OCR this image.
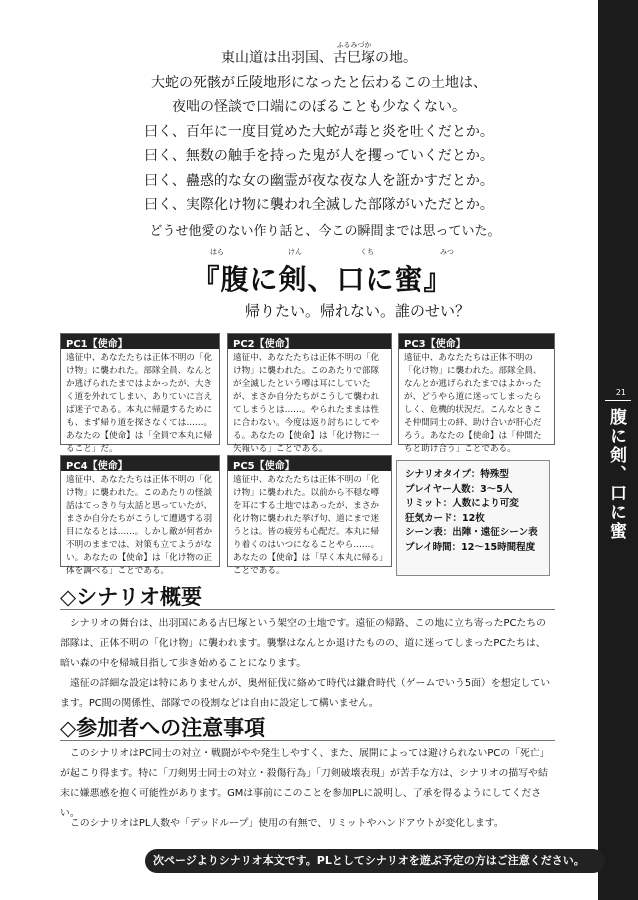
21
腹に剣、口に蜜

東山道は出羽国、
ふるみづか
古巳塚の地。

大蛇の死骸が丘陵地形になったと伝わるこの土地は、

夜咄の怪談で口端にのぼることも少なくない。

曰く、百年に一度目覚めた大蛇が毒と炎を吐くだとか。

曰く、無数の触手を持った鬼が人を攫っていくだとか。

曰く、蠱惑的な女の幽霊が夜な夜な人を誑かすだとか。

曰く、実際化け物に襲われ全滅した部隊がいただとか。

どうせ他愛のない作り話と、今この瞬間までは思っていた。
はら	けん	くち	みつ
『腹に剣、口に蜜』
帰りたい。帰れない。誰のせい？
PC1【使命】
遠征中、あなたたちは正体不明の「化け物」に襲われた。部隊全員、なんとか逃げられたまではよかったが、大きく道を外れてしまい、ありていに言えば迷子である。本丸に帰還するためにも、まず帰り道を探さなくては……。あなたの【使命】は「全員で本丸に帰ること」だ。
PC2【使命】
遠征中、あなたたちは正体不明の「化け物」に襲われた。このあたりで部隊が全滅したという噂は耳にしていたが、まさか自分たちがこうして襲われてしまうとは……。やられたままは性に合わない。今度は返り討ちにしてやる。あなたの【使命】は「化け物に一矢報いる」ことである。
PC3【使命】
遠征中、あなたたちは正体不明の「化け物」に襲われた。部隊全員、なんとか逃げられたまではよかったが、どうやら道に迷ってしまったらしく、危機的状況だ。こんなときこそ仲間同士の絆、助け合いが肝心だろう。あなたの【使命】は「仲間たちと助け合う」ことである。
PC4【使命】
遠征中、あなたたちは正体不明の「化け物」に襲われた。このあたりの怪談話はてっきり与太話と思っていたが、まさか自分たちがこうして遭遇する羽目になるとは……。しかし敵が何者か不明のままでは、対策も立てようがない。あなたの【使命】は「化け物の正体を調べる」ことである。
PC5【使命】
遠征中、あなたたちは正体不明の「化け物」に襲われた。以前から不穏な噂を耳にする土地ではあったが、まさか化け物に襲われた挙げ句、道にまで迷うとは。皆の疲労も心配だ。本丸に帰り着くのはいつになることやら……。あなたの【使命】は「早く本丸に帰る」ことである。
シナリオタイプ：特殊型
プレイヤー人数：3～5人
リミット：人数により可変
狂気カード：12枚
シーン表：出陣・遠征シーン表
プレイ時間：12～15時間程度
◇シナリオ概要
シナリオの舞台は、出羽国にある古巳塚という架空の土地です。遠征の帰路、この地に立ち寄ったPCたちの部隊は、正体不明の「化け物」に襲われます。襲撃はなんとか退けたものの、道に迷ってしまったPCたちは、暗い森の中を帰城目指して歩き始めることになります。
遠征の詳細な設定は特にありませんが、奥州征伐に絡めて時代は鎌倉時代（ゲームでいう5面）を想定しています。PC間の関係性、部隊での役割などは自由に設定して構いません。
◇参加者への注意事項
このシナリオはPC同士の対立・戦闘がやや発生しやすく、また、展開によっては避けられないPCの「死亡」が起こり得ます。特に「刀剣男士同士の対立・殺傷行為」「刀剣破壊表現」が苦手な方は、シナリオの描写や結末に嫌悪感を抱く可能性があります。GMは事前にこのことを参加PLに説明し、了承を得るようにしてください。
このシナリオはPL人数や「デッドループ」使用の有無で、リミットやハンドアウトが変化します。
次ページよりシナリオ本文です。PLとしてシナリオを遊ぶ予定の方はご注意ください。
